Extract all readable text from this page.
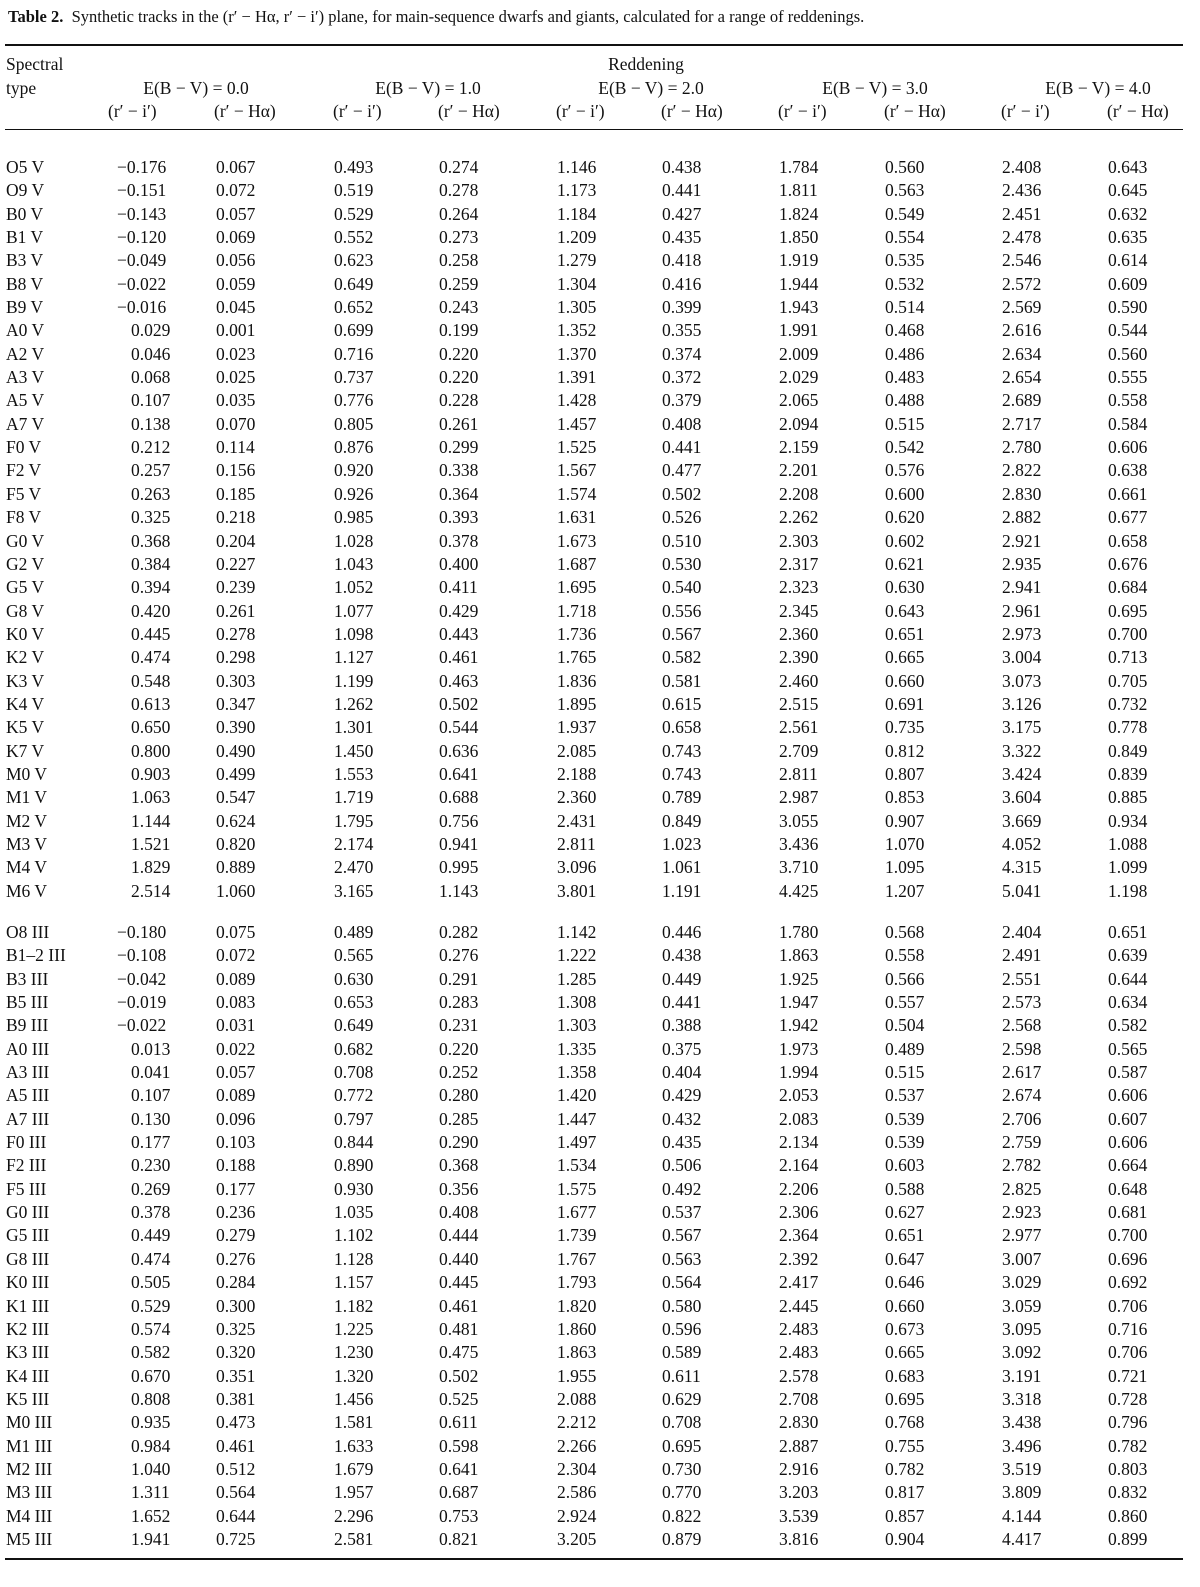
Table 2. Synthetic tracks in the (r′ − Hα, r′ − i′) plane, for main-sequence dwarfs and giants, calculated for a range of reddenings.
Spectral
type
Reddening
E(B − V) = 0.0	E(B − V) = 1.0	E(B − V) = 2.0	E(B − V) = 3.0	E(B − V) = 4.0
(r′ − i′)	(r′ − Hα)	(r′ − i′)	(r′ − Hα)	(r′ − i′)	(r′ − Hα)	(r′ − i′)	(r′ − Hα)	(r′ − i′)	(r′ − Hα)
O5 V	−0.176	0.067	0.493	0.274	1.146	0.438	1.784	0.560	2.408	0.643	
O9 V	−0.151	0.072	0.519	0.278	1.173	0.441	1.811	0.563	2.436	0.645	
B0 V	−0.143	0.057	0.529	0.264	1.184	0.427	1.824	0.549	2.451	0.632	
B1 V	−0.120	0.069	0.552	0.273	1.209	0.435	1.850	0.554	2.478	0.635	
B3 V	−0.049	0.056	0.623	0.258	1.279	0.418	1.919	0.535	2.546	0.614	
B8 V	−0.022	0.059	0.649	0.259	1.304	0.416	1.944	0.532	2.572	0.609	
B9 V	−0.016	0.045	0.652	0.243	1.305	0.399	1.943	0.514	2.569	0.590	
A0 V	0.029	0.001	0.699	0.199	1.352	0.355	1.991	0.468	2.616	0.544	
A2 V	0.046	0.023	0.716	0.220	1.370	0.374	2.009	0.486	2.634	0.560	
A3 V	0.068	0.025	0.737	0.220	1.391	0.372	2.029	0.483	2.654	0.555	
A5 V	0.107	0.035	0.776	0.228	1.428	0.379	2.065	0.488	2.689	0.558	
A7 V	0.138	0.070	0.805	0.261	1.457	0.408	2.094	0.515	2.717	0.584	
F0 V	0.212	0.114	0.876	0.299	1.525	0.441	2.159	0.542	2.780	0.606	
F2 V	0.257	0.156	0.920	0.338	1.567	0.477	2.201	0.576	2.822	0.638	
F5 V	0.263	0.185	0.926	0.364	1.574	0.502	2.208	0.600	2.830	0.661	
F8 V	0.325	0.218	0.985	0.393	1.631	0.526	2.262	0.620	2.882	0.677	
G0 V	0.368	0.204	1.028	0.378	1.673	0.510	2.303	0.602	2.921	0.658	
G2 V	0.384	0.227	1.043	0.400	1.687	0.530	2.317	0.621	2.935	0.676	
G5 V	0.394	0.239	1.052	0.411	1.695	0.540	2.323	0.630	2.941	0.684	
G8 V	0.420	0.261	1.077	0.429	1.718	0.556	2.345	0.643	2.961	0.695	
K0 V	0.445	0.278	1.098	0.443	1.736	0.567	2.360	0.651	2.973	0.700	
K2 V	0.474	0.298	1.127	0.461	1.765	0.582	2.390	0.665	3.004	0.713	
K3 V	0.548	0.303	1.199	0.463	1.836	0.581	2.460	0.660	3.073	0.705	
K4 V	0.613	0.347	1.262	0.502	1.895	0.615	2.515	0.691	3.126	0.732	
K5 V	0.650	0.390	1.301	0.544	1.937	0.658	2.561	0.735	3.175	0.778	
K7 V	0.800	0.490	1.450	0.636	2.085	0.743	2.709	0.812	3.322	0.849	
M0 V	0.903	0.499	1.553	0.641	2.188	0.743	2.811	0.807	3.424	0.839	
M1 V	1.063	0.547	1.719	0.688	2.360	0.789	2.987	0.853	3.604	0.885	
M2 V	1.144	0.624	1.795	0.756	2.431	0.849	3.055	0.907	3.669	0.934	
M3 V	1.521	0.820	2.174	0.941	2.811	1.023	3.436	1.070	4.052	1.088	
M4 V	1.829	0.889	2.470	0.995	3.096	1.061	3.710	1.095	4.315	1.099	
M6 V	2.514	1.060	3.165	1.143	3.801	1.191	4.425	1.207	5.041	1.198	
O8 III	−0.180	0.075	0.489	0.282	1.142	0.446	1.780	0.568	2.404	0.651	
B1–2 III	−0.108	0.072	0.565	0.276	1.222	0.438	1.863	0.558	2.491	0.639	
B3 III	−0.042	0.089	0.630	0.291	1.285	0.449	1.925	0.566	2.551	0.644	
B5 III	−0.019	0.083	0.653	0.283	1.308	0.441	1.947	0.557	2.573	0.634	
B9 III	−0.022	0.031	0.649	0.231	1.303	0.388	1.942	0.504	2.568	0.582	
A0 III	0.013	0.022	0.682	0.220	1.335	0.375	1.973	0.489	2.598	0.565	
A3 III	0.041	0.057	0.708	0.252	1.358	0.404	1.994	0.515	2.617	0.587	
A5 III	0.107	0.089	0.772	0.280	1.420	0.429	2.053	0.537	2.674	0.606	
A7 III	0.130	0.096	0.797	0.285	1.447	0.432	2.083	0.539	2.706	0.607	
F0 III	0.177	0.103	0.844	0.290	1.497	0.435	2.134	0.539	2.759	0.606	
F2 III	0.230	0.188	0.890	0.368	1.534	0.506	2.164	0.603	2.782	0.664	
F5 III	0.269	0.177	0.930	0.356	1.575	0.492	2.206	0.588	2.825	0.648	
G0 III	0.378	0.236	1.035	0.408	1.677	0.537	2.306	0.627	2.923	0.681	
G5 III	0.449	0.279	1.102	0.444	1.739	0.567	2.364	0.651	2.977	0.700	
G8 III	0.474	0.276	1.128	0.440	1.767	0.563	2.392	0.647	3.007	0.696	
K0 III	0.505	0.284	1.157	0.445	1.793	0.564	2.417	0.646	3.029	0.692	
K1 III	0.529	0.300	1.182	0.461	1.820	0.580	2.445	0.660	3.059	0.706	
K2 III	0.574	0.325	1.225	0.481	1.860	0.596	2.483	0.673	3.095	0.716	
K3 III	0.582	0.320	1.230	0.475	1.863	0.589	2.483	0.665	3.092	0.706	
K4 III	0.670	0.351	1.320	0.502	1.955	0.611	2.578	0.683	3.191	0.721	
K5 III	0.808	0.381	1.456	0.525	2.088	0.629	2.708	0.695	3.318	0.728	
M0 III	0.935	0.473	1.581	0.611	2.212	0.708	2.830	0.768	3.438	0.796	
M1 III	0.984	0.461	1.633	0.598	2.266	0.695	2.887	0.755	3.496	0.782	
M2 III	1.040	0.512	1.679	0.641	2.304	0.730	2.916	0.782	3.519	0.803	
M3 III	1.311	0.564	1.957	0.687	2.586	0.770	3.203	0.817	3.809	0.832	
M4 III	1.652	0.644	2.296	0.753	2.924	0.822	3.539	0.857	4.144	0.860	
M5 III	1.941	0.725	2.581	0.821	3.205	0.879	3.816	0.904	4.417	0.899	
